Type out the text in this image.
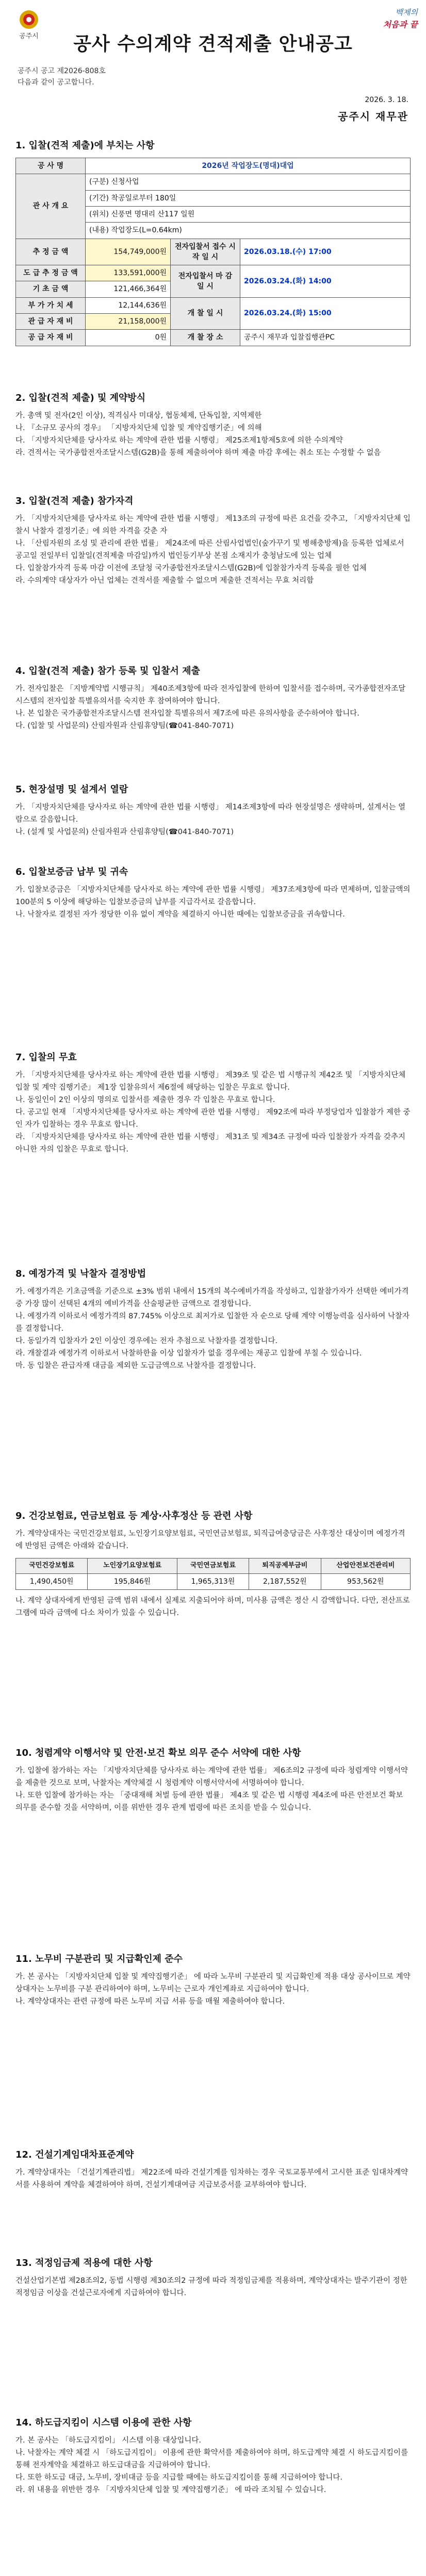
공주시
백제의
처음과 끝
공사 수의계약 견적제출 안내공고
공주시 공고 제2026-808호
다음과 같이 공고합니다.
2026. 3. 18.
공주시 재무관
1. 입찰(견적 제출)에 부치는 사항
공 사 명	2026년 작업장도(명대)대업		
관 사 개 요	(구분) 신청사업		
	(기간) 착공일로부터 180일		
	(위치) 신풍면 명대리 산117 일원		
	(내용) 작업장도(L=0.64km)		
추 정 금 액	154,749,000원	전자입찰서 접수 시 작 일 시	2026.03.18.(수) 17:00
도 급 추 정 금 액	133,591,000원	전자입찰서 마 감 일 시	2026.03.24.(화) 14:00
기 초 금 액	121,466,364원		
부 가 가 치 세	12,144,636원	개 찰 일 시	2026.03.24.(화) 15:00
관 급 자 재 비	21,158,000원		
공 급 자 재 비	0원	개 찰 장 소	공주시 재무과 입찰집행관PC
2. 입찰(견적 제출) 및 계약방식
가. 총액 및 전자(2인 이상), 적격심사 미대상, 협동체제, 단독입찰, 지역제한
나. 『소규모 공사의 경우』 「지방자치단체 입찰 및 계약집행기준」에 의해
다. 「지방자치단체를 당사자로 하는 계약에 관한 법률 시행령」 제25조제1항제5호에 의한 수의계약
라. 견적서는 국가종합전자조달시스템(G2B)을 통해 제출하여야 하며 제출 마감 후에는 취소 또는 수정할 수 없음
3. 입찰(견적 제출) 참가자격
가. 「지방자치단체를 당사자로 하는 계약에 관한 법률 시행령」 제13조의 규정에 따른 요건을 갖추고, 「지방자치단체 입찰시 낙찰자 결정기준」에 의한 자격을 갖춘 자
나. 「산림자원의 조성 및 관리에 관한 법률」 제24조에 따른 산림사업법인(숲가꾸기 및 병해충방제)을 등록한 업체로서 공고일 전일부터 입찰일(견적제출 마감일)까지 법인등기부상 본점 소재지가 충청남도에 있는 업체
다. 입찰참가자격 등록 마감 이전에 조달청 국가종합전자조달시스템(G2B)에 입찰참가자격 등록을 필한 업체
라. 수의계약 대상자가 아닌 업체는 견적서를 제출할 수 없으며 제출한 견적서는 무효 처리함
4. 입찰(견적 제출) 참가 등록 및 입찰서 제출
가. 전자입찰은 「지방계약법 시행규칙」 제40조제3항에 따라 전자입찰에 한하여 입찰서를 접수하며, 국가종합전자조달시스템의 전자입찰 특별유의서를 숙지한 후 참여하여야 합니다.
나. 본 입찰은 국가종합전자조달시스템 전자입찰 특별유의서 제7조에 따른 유의사항을 준수하여야 합니다.
다. (입찰 및 사업문의) 산림자원과 산림휴양팀(☎041-840-7071)
5. 현장설명 및 설계서 열람
가. 「지방자치단체를 당사자로 하는 계약에 관한 법률 시행령」 제14조제3항에 따라 현장설명은 생략하며, 설계서는 열람으로 갈음합니다.
나. (설계 및 사업문의) 산림자원과 산림휴양팀(☎041-840-7071)
6. 입찰보증금 납부 및 귀속
가. 입찰보증금은 「지방자치단체를 당사자로 하는 계약에 관한 법률 시행령」 제37조제3항에 따라 면제하며, 입찰금액의 100분의 5 이상에 해당하는 입찰보증금의 납부를 지급각서로 갈음합니다.
나. 낙찰자로 결정된 자가 정당한 이유 없이 계약을 체결하지 아니한 때에는 입찰보증금을 귀속합니다.
7. 입찰의 무효
가. 「지방자치단체를 당사자로 하는 계약에 관한 법률 시행령」 제39조 및 같은 법 시행규칙 제42조 및 「지방자치단체 입찰 및 계약 집행기준」 제1장 입찰유의서 제6절에 해당하는 입찰은 무효로 합니다.
나. 동일인이 2인 이상의 명의로 입찰서를 제출한 경우 각 입찰은 무효로 합니다.
다. 공고일 현재 「지방자치단체를 당사자로 하는 계약에 관한 법률 시행령」 제92조에 따라 부정당업자 입찰참가 제한 중인 자가 입찰하는 경우 무효로 합니다.
라. 「지방자치단체를 당사자로 하는 계약에 관한 법률 시행령」 제31조 및 제34조 규정에 따라 입찰참가 자격을 갖추지 아니한 자의 입찰은 무효로 합니다.
8. 예정가격 및 낙찰자 결정방법
가. 예정가격은 기초금액을 기준으로 ±3% 범위 내에서 15개의 복수예비가격을 작성하고, 입찰참가자가 선택한 예비가격 중 가장 많이 선택된 4개의 예비가격을 산술평균한 금액으로 결정합니다.
나. 예정가격 이하로서 예정가격의 87.745% 이상으로 최저가로 입찰한 자 순으로 당해 계약 이행능력을 심사하여 낙찰자를 결정합니다.
다. 동일가격 입찰자가 2인 이상인 경우에는 전자 추첨으로 낙찰자를 결정합니다.
라. 개찰결과 예정가격 이하로서 낙찰하한율 이상 입찰자가 없을 경우에는 재공고 입찰에 부칠 수 있습니다.
마. 동 입찰은 관급자재 대금을 제외한 도급금액으로 낙찰자를 결정합니다.
9. 건강보험료, 연금보험료 등 계상·사후정산 등 관련 사항
가. 계약상대자는 국민건강보험료, 노인장기요양보험료, 국민연금보험료, 퇴직급여충당금은 사후정산 대상이며 예정가격에 반영된 금액은 아래와 같습니다.
국민건강보험료	노인장기요양보험료	국민연금보험료	퇴직공제부금비	산업안전보건관리비
1,490,450원	195,846원	1,965,313원	2,187,552원	953,562원
나. 계약 상대자에게 반영된 금액 범위 내에서 실제로 지출되어야 하며, 미사용 금액은 정산 시 감액합니다. 다만, 전산프로그램에 따라 금액에 다소 차이가 있을 수 있습니다.
10. 청렴계약 이행서약 및 안전·보건 확보 의무 준수 서약에 대한 사항
가. 입찰에 참가하는 자는 「지방자치단체를 당사자로 하는 계약에 관한 법률」 제6조의2 규정에 따라 청렴계약 이행서약을 제출한 것으로 보며, 낙찰자는 계약체결 시 청렴계약 이행서약서에 서명하여야 합니다.
나. 또한 입찰에 참가하는 자는 「중대재해 처벌 등에 관한 법률」 제4조 및 같은 법 시행령 제4조에 따른 안전보건 확보 의무를 준수할 것을 서약하며, 이를 위반한 경우 관계 법령에 따른 조치를 받을 수 있습니다.
11. 노무비 구분관리 및 지급확인제 준수
가. 본 공사는 「지방자치단체 입찰 및 계약집행기준」 에 따라 노무비 구분관리 및 지급확인제 적용 대상 공사이므로 계약상대자는 노무비를 구분 관리하여야 하며, 노무비는 근로자 개인계좌로 지급하여야 합니다.
나. 계약상대자는 관련 규정에 따른 노무비 지급 서류 등을 매월 제출하여야 합니다.
12. 건설기계임대차표준계약
가. 계약상대자는 「건설기계관리법」 제22조에 따라 건설기계를 임차하는 경우 국토교통부에서 고시한 표준 임대차계약서를 사용하여 계약을 체결하여야 하며, 건설기계대여금 지급보증서를 교부하여야 합니다.
13. 적정임금제 적용에 대한 사항
건설산업기본법 제28조의2, 동법 시행령 제30조의2 규정에 따라 적정임금제를 적용하며, 계약상대자는 발주기관이 정한 적정임금 이상을 건설근로자에게 지급하여야 합니다.
14. 하도급지킴이 시스템 이용에 관한 사항
가. 본 공사는 「하도급지킴이」 시스템 이용 대상입니다.
나. 낙찰자는 계약 체결 시 「하도급지킴이」 이용에 관한 확약서를 제출하여야 하며, 하도급계약 체결 시 하도급지킴이를 통해 전자계약을 체결하고 하도급대금을 지급하여야 합니다.
다. 또한 하도급 대금, 노무비, 장비대금 등을 지급할 때에는 하도급지킴이를 통해 지급하여야 합니다.
라. 위 내용을 위반한 경우 「지방자치단체 입찰 및 계약집행기준」 에 따라 조치될 수 있습니다.
